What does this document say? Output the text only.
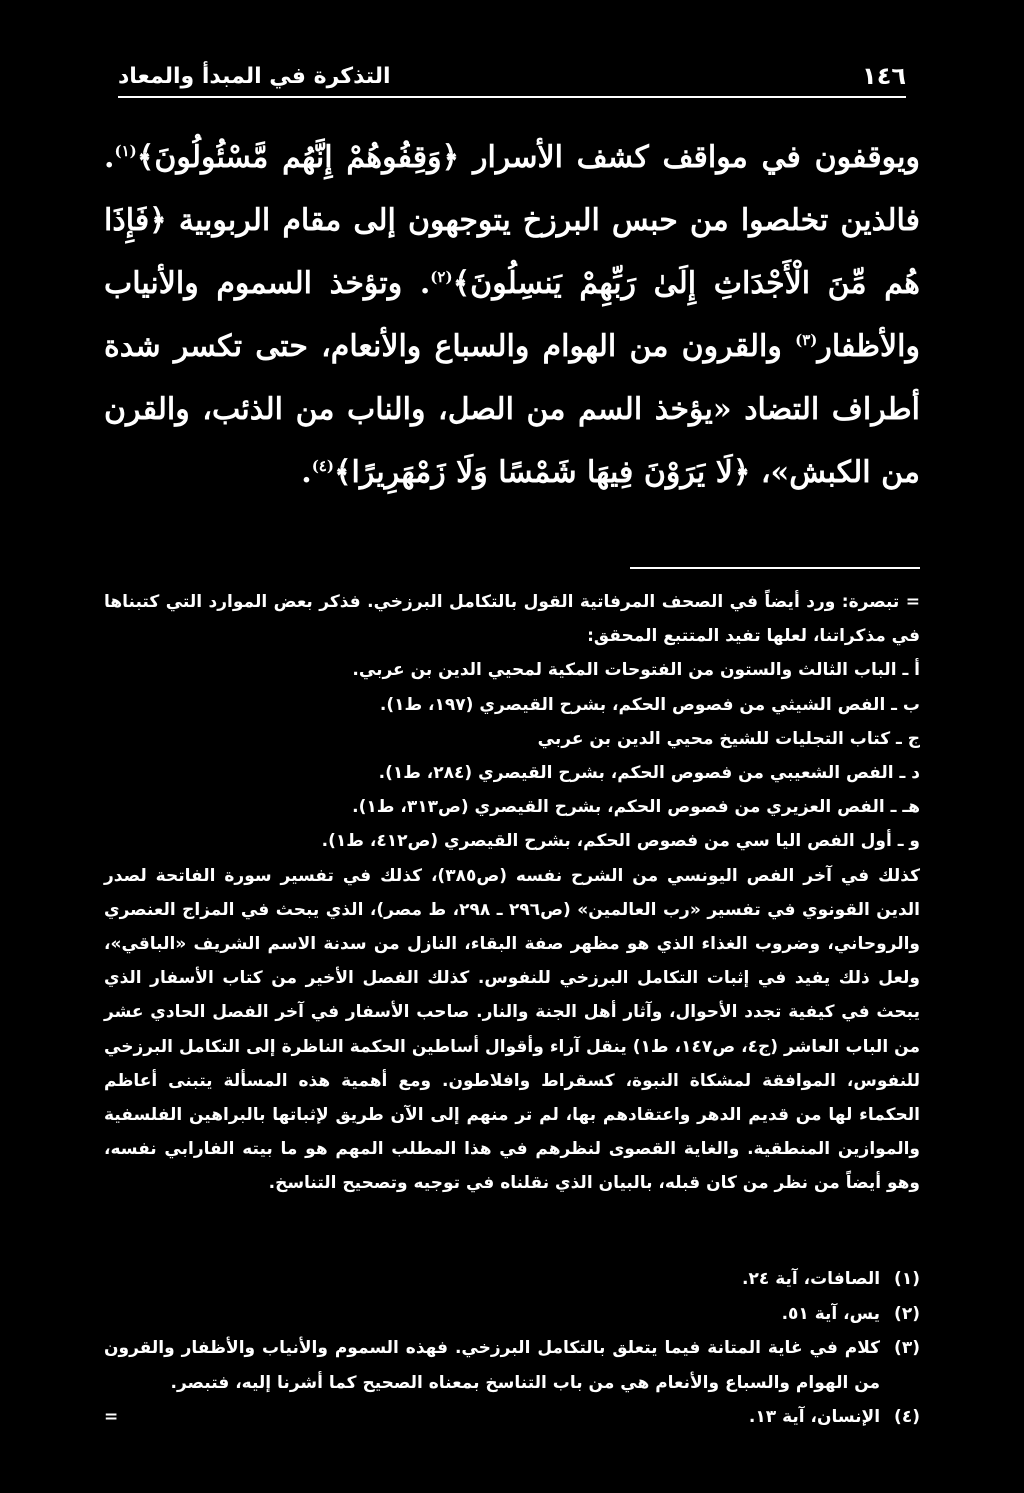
١٤٦
التذكرة في المبدأ والمعاد

ويوقفون في مواقف كشف الأسرار ﴿وَقِفُوهُمْ إِنَّهُم مَّسْئُولُونَ﴾$^{(١)}$. فالذين تخلصوا من حبس البرزخ يتوجهون إلى مقام الربوبية ﴿فَإِذَا هُم مِّنَ الْأَجْدَاثِ إِلَىٰ رَبِّهِمْ يَنسِلُونَ﴾$^{(٢)}$. وتؤخذ السموم والأنياب والأظفار$^{(٣)}$ والقرون من الهوام والسباع والأنعام، حتى تكسر شدة أطراف التضاد «يؤخذ السم من الصل، والناب من الذئب، والقرن من الكبش»، ﴿لَا يَرَوْنَ فِيهَا شَمْسًا وَلَا زَمْهَرِيرًا﴾$^{(٤)}$.

= تبصرة: ورد أيضاً في الصحف المرفاتية القول بالتكامل البرزخي. فذكر بعض الموارد التي كتبناها في مذكراتنا، لعلها تفيد المتتبع المحقق:

أ ـ الباب الثالث والستون من الفتوحات المكية لمحيي الدين بن عربي.

ب ـ الفص الشيثي من فصوص الحكم، بشرح القيصري (١٩٧، ط١).

ج ـ كتاب التجليات للشيخ محيي الدين بن عربي

د ـ الفص الشعيبي من فصوص الحكم، بشرح القيصري (٢٨٤، ط١).

هـ ـ الفص العزيري من فصوص الحكم، بشرح القيصري (ص٣١٣، ط١).

و ـ أول الفص اليا سي من فصوص الحكم، بشرح القيصري (ص٤١٢، ط١).

كذلك في آخر الفص اليونسي من الشرح نفسه (ص٣٨٥)، كذلك في تفسير سورة الفاتحة لصدر الدين القونوي في تفسير «رب العالمين» (ص٢٩٦ ـ ٢٩٨، ط مصر)، الذي يبحث في المزاج العنصري والروحاني، وضروب الغذاء الذي هو مظهر صفة البقاء، النازل من سدنة الاسم الشريف «الباقي»، ولعل ذلك يفيد في إثبات التكامل البرزخي للنفوس. كذلك الفصل الأخير من كتاب الأسفار الذي يبحث في كيفية تجدد الأحوال، وآثار أهل الجنة والنار. صاحب الأسفار في آخر الفصل الحادي عشر من الباب العاشر (ج٤، ص١٤٧، ط١) ينقل آراء وأقوال أساطين الحكمة الناظرة إلى التكامل البرزخي للنفوس، الموافقة لمشكاة النبوة، كسقراط وافلاطون. ومع أهمية هذه المسألة يتبنى أعاظم الحكماء لها من قديم الدهر واعتقادهم بها، لم تر منهم إلى الآن طريق لإثباتها بالبراهين الفلسفية والموازين المنطقية. والغاية القصوى لنظرهم في هذا المطلب المهم هو ما بيته الفارابي نفسه، وهو أيضاً من نظر من كان قبله، بالبيان الذي نقلناه في توجيه وتصحيح التناسخ.

(١)
الصافات، آية ٢٤.
(٢)
يس، آية ٥١.
(٣)
كلام في غاية المتانة فيما يتعلق بالتكامل البرزخي. فهذه السموم والأنياب والأظفار والقرون من الهوام والسباع والأنعام هي من باب التناسخ بمعناه الصحيح كما أشرنا إليه، فتبصر.
(٤)
الإنسان، آية ١٣.
=
